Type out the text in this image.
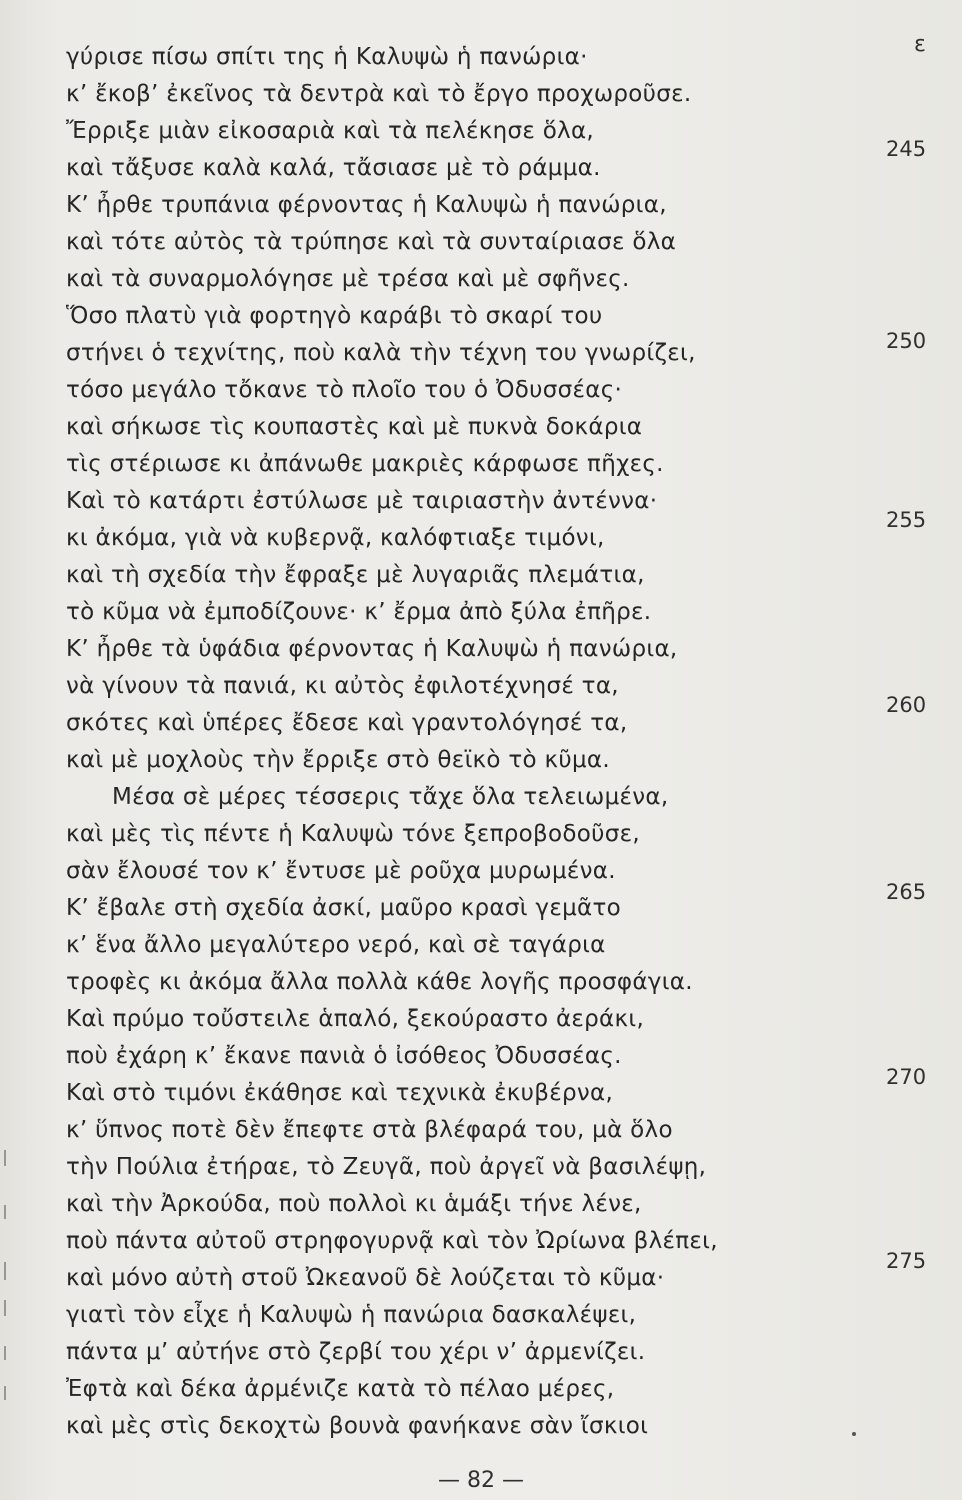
ε
γύρισε πίσω σπίτι της ἡ Καλυψὼ ἡ πανώρια·
κ’ ἔκοβ’ ἐκεῖνος τὰ δεντρὰ καὶ τὸ ἔργο προχωροῦσε.
Ἔρριξε μιὰν εἰκοσαριὰ καὶ τὰ πελέκησε ὅλα,
καὶ τἄξυσε καλὰ καλά, τἄσιασε μὲ τὸ ράμμα.
Κ’ ἦρθε τρυπάνια φέρνοντας ἡ Καλυψὼ ἡ πανώρια,
καὶ τότε αὐτὸς τὰ τρύπησε καὶ τὰ συνταίριασε ὅλα
καὶ τὰ συναρμολόγησε μὲ τρέσα καὶ μὲ σφῆνες.
Ὅσο πλατὺ γιὰ φορτηγὸ καράβι τὸ σκαρί του
στήνει ὁ τεχνίτης, ποὺ καλὰ τὴν τέχνη του γνωρίζει,
τόσο μεγάλο τὄκανε τὸ πλοῖο του ὁ Ὀδυσσέας·
καὶ σήκωσε τὶς κουπαστὲς καὶ μὲ πυκνὰ δοκάρια
τὶς στέριωσε κι ἀπάνωθε μακριὲς κάρφωσε πῆχες.
Καὶ τὸ κατάρτι ἐστύλωσε μὲ ταιριαστὴν ἀντέννα·
κι ἀκόμα, γιὰ νὰ κυβερνᾷ, καλόφτιαξε τιμόνι,
καὶ τὴ σχεδία τὴν ἔφραξε μὲ λυγαριᾶς πλεμάτια,
τὸ κῦμα νὰ ἐμποδίζουνε· κ’ ἔρμα ἀπὸ ξύλα ἐπῆρε.
Κ’ ἦρθε τὰ ὑφάδια φέρνοντας ἡ Καλυψὼ ἡ πανώρια,
νὰ γίνουν τὰ πανιά, κι αὐτὸς ἐφιλοτέχνησέ τα,
σκότες καὶ ὑπέρες ἔδεσε καὶ γραντολόγησέ τα,
καὶ μὲ μοχλοὺς τὴν ἔρριξε στὸ θεϊκὸ τὸ κῦμα.
Μέσα σὲ μέρες τέσσερις τἄχε ὅλα τελειωμένα,
καὶ μὲς τὶς πέντε ἡ Καλυψὼ τόνε ξεπροβοδοῦσε,
σὰν ἔλουσέ τον κ’ ἔντυσε μὲ ροῦχα μυρωμένα.
Κ’ ἔβαλε στὴ σχεδία ἀσκί, μαῦρο κρασὶ γεμᾶτο
κ’ ἕνα ἄλλο μεγαλύτερο νερό, καὶ σὲ ταγάρια
τροφὲς κι ἀκόμα ἄλλα πολλὰ κάθε λογῆς προσφάγια.
Καὶ πρύμο τοὔστειλε ἁπαλό, ξεκούραστο ἀεράκι,
ποὺ ἐχάρη κ’ ἔκανε πανιὰ ὁ ἰσόθεος Ὀδυσσέας.
Καὶ στὸ τιμόνι ἐκάθησε καὶ τεχνικὰ ἐκυβέρνα,
κ’ ὕπνος ποτὲ δὲν ἔπεφτε στὰ βλέφαρά του, μὰ ὅλο
τὴν Πούλια ἐτήραε, τὸ Ζευγᾶ, ποὺ ἀργεῖ νὰ βασιλέψῃ,
καὶ τὴν Ἀρκούδα, ποὺ πολλοὶ κι ἁμάξι τήνε λένε,
ποὺ πάντα αὐτοῦ στρηφογυρνᾷ καὶ τὸν Ὠρίωνα βλέπει,
καὶ μόνο αὐτὴ στοῦ Ὠκεανοῦ δὲ λούζεται τὸ κῦμα·
γιατὶ τὸν εἶχε ἡ Καλυψὼ ἡ πανώρια δασκαλέψει,
πάντα μ’ αὐτήνε στὸ ζερβί του χέρι ν’ ἀρμενίζει.
Ἐφτὰ καὶ δέκα ἀρμένιζε κατὰ τὸ πέλαο μέρες,
καὶ μὲς στὶς δεκοχτὼ βουνὰ φανήκανε σὰν ἴσκιοι
245
250
255
260
265
270
275
— 82 —
